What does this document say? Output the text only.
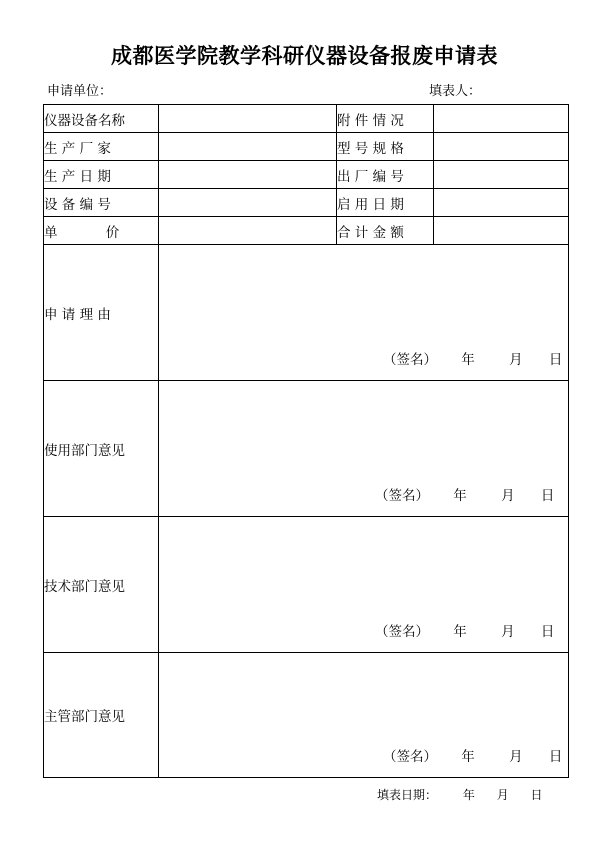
成都医学院教学科研仪器设备报废申请表
申请单位：	填表人：
仪器设备名称		附 件 情 况	
生 产 厂 家		型 号 规 格	
生 产 日 期		出 厂 编 号	
设 备 编 号		启 用 日 期	
单 价		合 计 金 额	
申 请 理 由	（签名） 年 月 日		

使用部门意见	（签名） 年 月 日		

技术部门意见	（签名） 年 月 日		

主管部门意见	（签名） 年 月 日		
填表日期： 年 月 日
